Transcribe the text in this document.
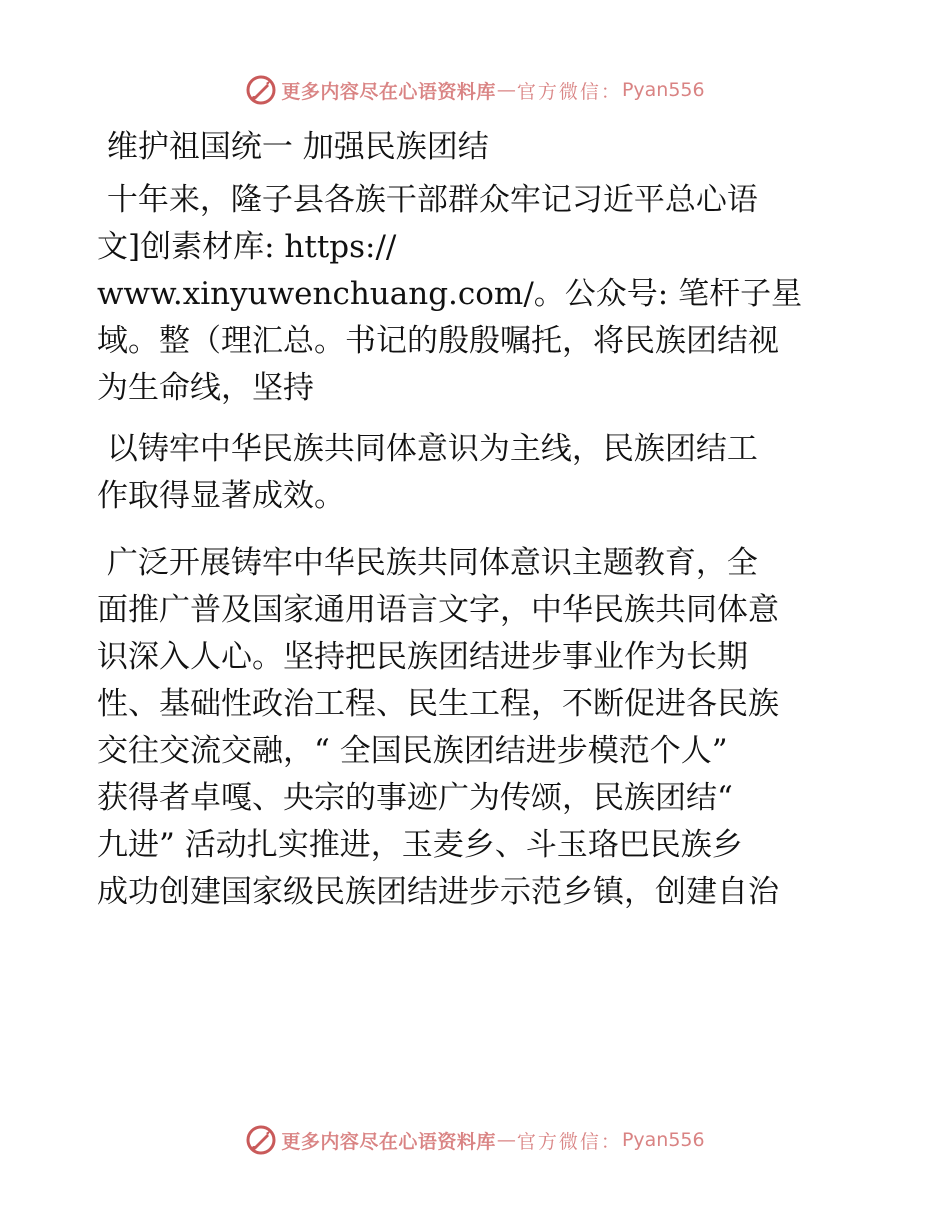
更多内容尽在心语资料库 — 官方微信： Pyan556
维护祖国统一 加强民族团结
十年来，隆子县各族干部群众牢记习近平总心语
文]创素材库: https://
www.xinyuwenchuang.com/。公众号: 笔杆子星
域。整（理汇总。书记的殷殷嘱托，将民族团结视
为生命线，坚持
以铸牢中华民族共同体意识为主线，民族团结工
作取得显著成效。
广泛开展铸牢中华民族共同体意识主题教育，全
面推广普及国家通用语言文字，中华民族共同体意
识深入人心。坚持把民族团结进步事业作为长期
性、基础性政治工程、民生工程，不断促进各民族
交往交流交融，“ 全国民族团结进步模范个人”
获得者卓嘎、央宗的事迹广为传颂，民族团结“
九进” 活动扎实推进，玉麦乡、斗玉珞巴民族乡
成功创建国家级民族团结进步示范乡镇，创建自治
更多内容尽在心语资料库 — 官方微信： Pyan556
